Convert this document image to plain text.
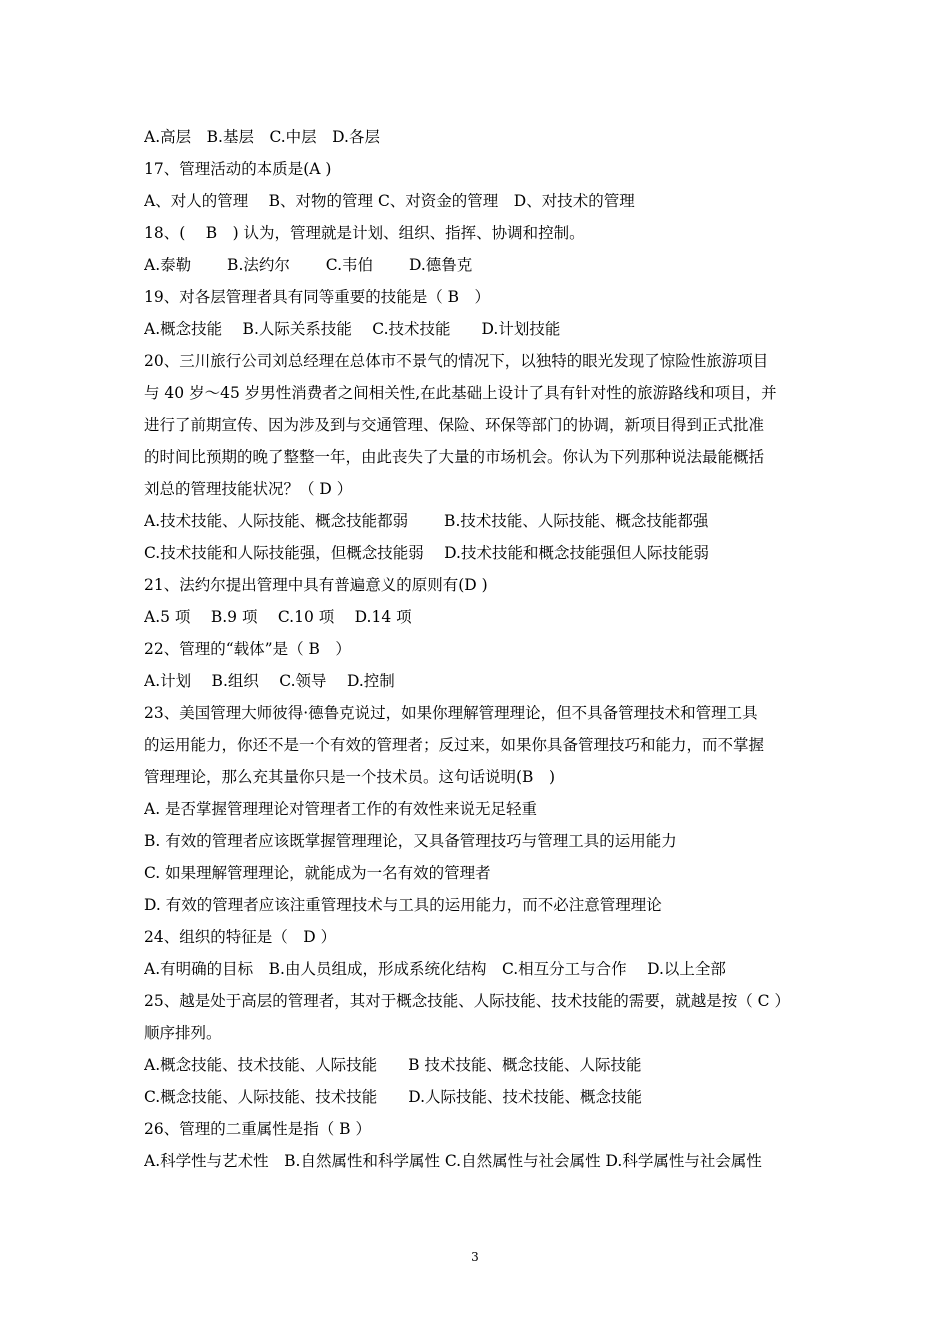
A.高层　B.基层　C.中层　D.各层
17、管理活动的本质是(A )
A、对人的管理　 B、对物的管理 C、对资金的管理　D、对技术的管理
18、(　 B　) 认为，管理就是计划、组织、指挥、协调和控制。
A.泰勒　　 B.法约尔　　 C.韦伯　　 D.德鲁克
19、对各层管理者具有同等重要的技能是（ B　）
A.概念技能　 B.人际关系技能　 C.技术技能　　D.计划技能
20、三川旅行公司刘总经理在总体市不景气的情况下，以独特的眼光发现了惊险性旅游项目
与 40 岁～45 岁男性消费者之间相关性,在此基础上设计了具有针对性的旅游路线和项目，并
进行了前期宣传、因为涉及到与交通管理、保险、环保等部门的协调，新项目得到正式批准
的时间比预期的晚了整整一年，由此丧失了大量的市场机会。你认为下列那种说法最能概括
刘总的管理技能状况？（ D ）
A.技术技能、人际技能、概念技能都弱　　 B.技术技能、人际技能、概念技能都强
C.技术技能和人际技能强，但概念技能弱　 D.技术技能和概念技能强但人际技能弱
21、法约尔提出管理中具有普遍意义的原则有(D )
A.5 项　 B.9 项　 C.10 项　 D.14 项
22、管理的“载体”是（ B　）
A.计划　 B.组织　 C.领导　 D.控制
23、美国管理大师彼得·德鲁克说过，如果你理解管理理论，但不具备管理技术和管理工具
的运用能力，你还不是一个有效的管理者；反过来，如果你具备管理技巧和能力，而不掌握
管理理论，那么充其量你只是一个技术员。这句话说明(B　)
A. 是否掌握管理理论对管理者工作的有效性来说无足轻重
B. 有效的管理者应该既掌握管理理论，又具备管理技巧与管理工具的运用能力
C. 如果理解管理理论，就能成为一名有效的管理者
D. 有效的管理者应该注重管理技术与工具的运用能力，而不必注意管理理论
24、组织的特征是（　D ）
A.有明确的目标　B.由人员组成，形成系统化结构　C.相互分工与合作　 D.以上全部
25、越是处于高层的管理者，其对于概念技能、人际技能、技术技能的需要，就越是按（ C ）
顺序排列。
A.概念技能、技术技能、人际技能　　B 技术技能、概念技能、人际技能
C.概念技能、人际技能、技术技能　　D.人际技能、技术技能、概念技能
26、管理的二重属性是指（ B ）
A.科学性与艺术性　B.自然属性和科学属性 C.自然属性与社会属性 D.科学属性与社会属性
3
